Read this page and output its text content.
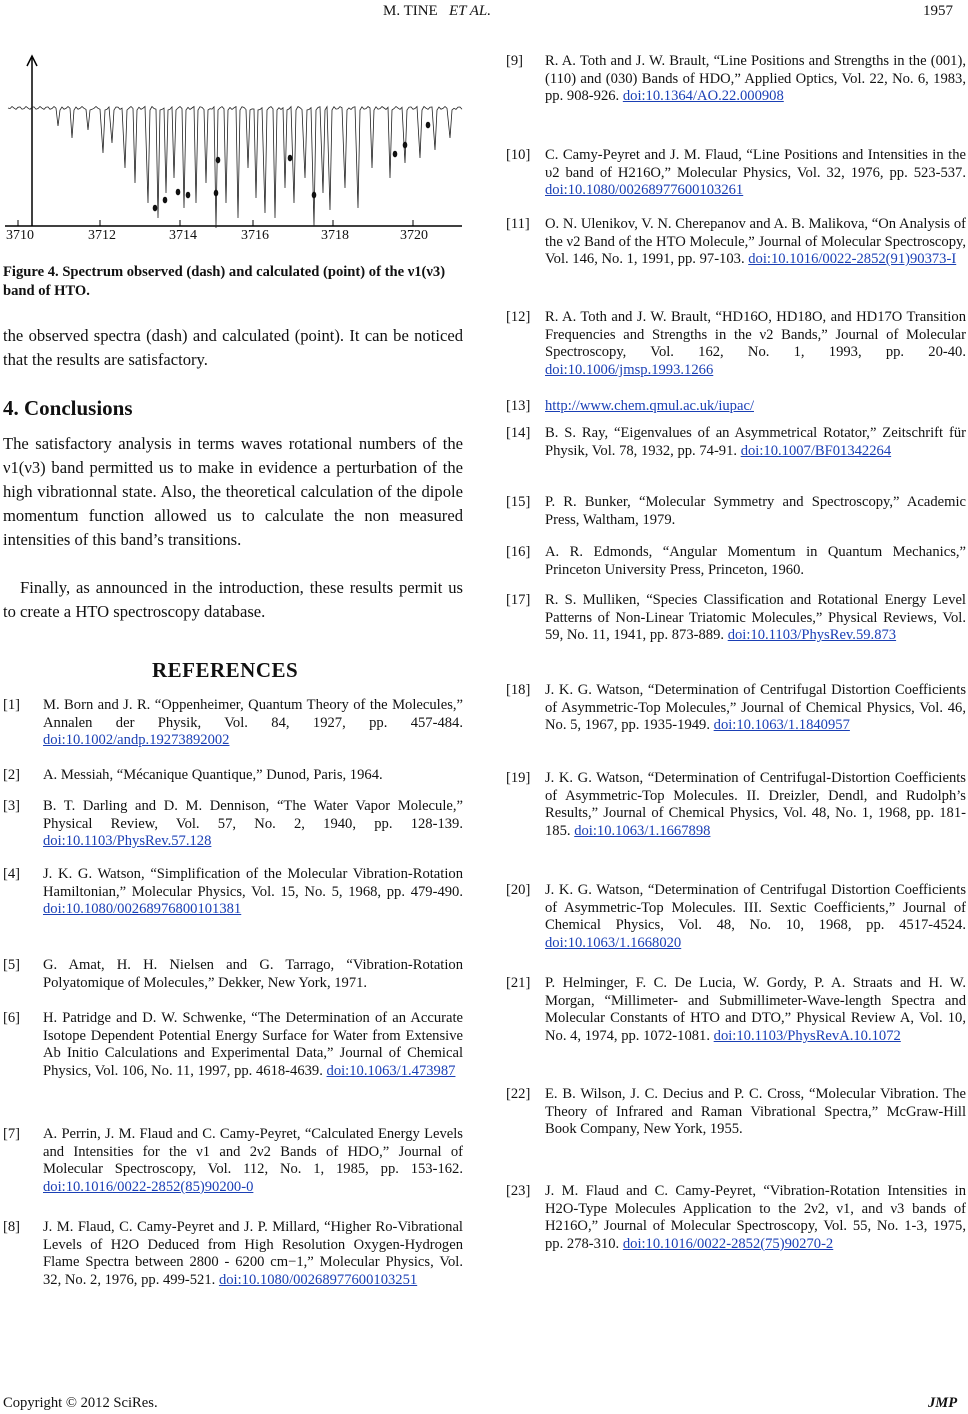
M. TINE ET AL.	1957
3710	3712	3714	3716	3718	3720

Figure 4. Spectrum observed (dash) and calculated (point) of the ν1(ν3) band of HTO.

the observed spectra (dash) and calculated (point). It can be noticed that the results are satisfactory.

4. Conclusions

The satisfactory analysis in terms waves rotational numbers of the ν1(ν3) band permitted us to make in evidence a perturbation of the high vibrationnal state. Also, the theoretical calculation of the dipole momentum function allowed us to calculate the non measured intensities of this band’s transitions.

Finally, as announced in the introduction, these results permit us to create a HTO spectroscopy database.

REFERENCES
[1] M. Born and J. R. “Oppenheimer, Quantum Theory of the Molecules,” Annalen der Physik, Vol. 84, 1927, pp. 457-484. doi:10.1002/andp.19273892002
[2] A. Messiah, “Mécanique Quantique,” Dunod, Paris, 1964.
[3] B. T. Darling and D. M. Dennison, “The Water Vapor Molecule,” Physical Review, Vol. 57, No. 2, 1940, pp. 128-139. doi:10.1103/PhysRev.57.128
[4] J. K. G. Watson, “Simplification of the Molecular Vibration-Rotation Hamiltonian,” Molecular Physics, Vol. 15, No. 5, 1968, pp. 479-490. doi:10.1080/00268976800101381
[5] G. Amat, H. H. Nielsen and G. Tarrago, “Vibration-Rotation Polyatomique of Molecules,” Dekker, New York, 1971.
[6] H. Patridge and D. W. Schwenke, “The Determination of an Accurate Isotope Dependent Potential Energy Surface for Water from Extensive Ab Initio Calculations and Experimental Data,” Journal of Chemical Physics, Vol. 106, No. 11, 1997, pp. 4618-4639. doi:10.1063/1.473987
[7] A. Perrin, J. M. Flaud and C. Camy-Peyret, “Calculated Energy Levels and Intensities for the ν1 and 2ν2 Bands of HDO,” Journal of Molecular Spectroscopy, Vol. 112, No. 1, 1985, pp. 153-162. doi:10.1016/0022-2852(85)90200-0
[8] J. M. Flaud, C. Camy-Peyret and J. P. Millard, “Higher Ro-Vibrational Levels of H2O Deduced from High Resolution Oxygen-Hydrogen Flame Spectra between 2800 - 6200 cm−1,” Molecular Physics, Vol. 32, No. 2, 1976, pp. 499-521. doi:10.1080/00268977600103251
[9] R. A. Toth and J. W. Brault, “Line Positions and Strengths in the (001), (110) and (030) Bands of HDO,” Applied Optics, Vol. 22, No. 6, 1983, pp. 908-926. doi:10.1364/AO.22.000908
[10] C. Camy-Peyret and J. M. Flaud, “Line Positions and Intensities in the υ2 band of H216O,” Molecular Physics, Vol. 32, 1976, pp. 523-537. doi:10.1080/00268977600103261
[11] O. N. Ulenikov, V. N. Cherepanov and A. B. Malikova, “On Analysis of the ν2 Band of the HTO Molecule,” Journal of Molecular Spectroscopy, Vol. 146, No. 1, 1991, pp. 97-103. doi:10.1016/0022-2852(91)90373-I
[12] R. A. Toth and J. W. Brault, “HD16O, HD18O, and HD17O Transition Frequencies and Strengths in the ν2 Bands,” Journal of Molecular Spectroscopy, Vol. 162, No. 1, 1993, pp. 20-40. doi:10.1006/jmsp.1993.1266
[13] http://www.chem.qmul.ac.uk/iupac/
[14] B. S. Ray, “Eigenvalues of an Asymmetrical Rotator,” Zeitschrift für Physik, Vol. 78, 1932, pp. 74-91. doi:10.1007/BF01342264
[15] P. R. Bunker, “Molecular Symmetry and Spectroscopy,” Academic Press, Waltham, 1979.
[16] A. R. Edmonds, “Angular Momentum in Quantum Mechanics,” Princeton University Press, Princeton, 1960.
[17] R. S. Mulliken, “Species Classification and Rotational Energy Level Patterns of Non-Linear Triatomic Molecules,” Physical Reviews, Vol. 59, No. 11, 1941, pp. 873-889. doi:10.1103/PhysRev.59.873
[18] J. K. G. Watson, “Determination of Centrifugal Distortion Coefficients of Asymmetric-Top Molecules,” Journal of Chemical Physics, Vol. 46, No. 5, 1967, pp. 1935-1949. doi:10.1063/1.1840957
[19] J. K. G. Watson, “Determination of Centrifugal-Distortion Coefficients of Asymmetric-Top Molecules. II. Dreizler, Dendl, and Rudolph’s Results,” Journal of Chemical Physics, Vol. 48, No. 1, 1968, pp. 181-185. doi:10.1063/1.1667898
[20] J. K. G. Watson, “Determination of Centrifugal Distortion Coefficients of Asymmetric-Top Molecules. III. Sextic Coefficients,” Journal of Chemical Physics, Vol. 48, No. 10, 1968, pp. 4517-4524. doi:10.1063/1.1668020
[21] P. Helminger, F. C. De Lucia, W. Gordy, P. A. Straats and H. W. Morgan, “Millimeter- and Submillimeter-Wave-length Spectra and Molecular Constants of HTO and DTO,” Physical Review A, Vol. 10, No. 4, 1974, pp. 1072-1081. doi:10.1103/PhysRevA.10.1072
[22] E. B. Wilson, J. C. Decius and P. C. Cross, “Molecular Vibration. The Theory of Infrared and Raman Vibrational Spectra,” McGraw-Hill Book Company, New York, 1955.
[23] J. M. Flaud and C. Camy-Peyret, “Vibration-Rotation Intensities in H2O-Type Molecules Application to the 2ν2, ν1, and ν3 bands of H216O,” Journal of Molecular Spectroscopy, Vol. 55, No. 1-3, 1975, pp. 278-310. doi:10.1016/0022-2852(75)90270-2
Copyright © 2012 SciRes.	JMP
